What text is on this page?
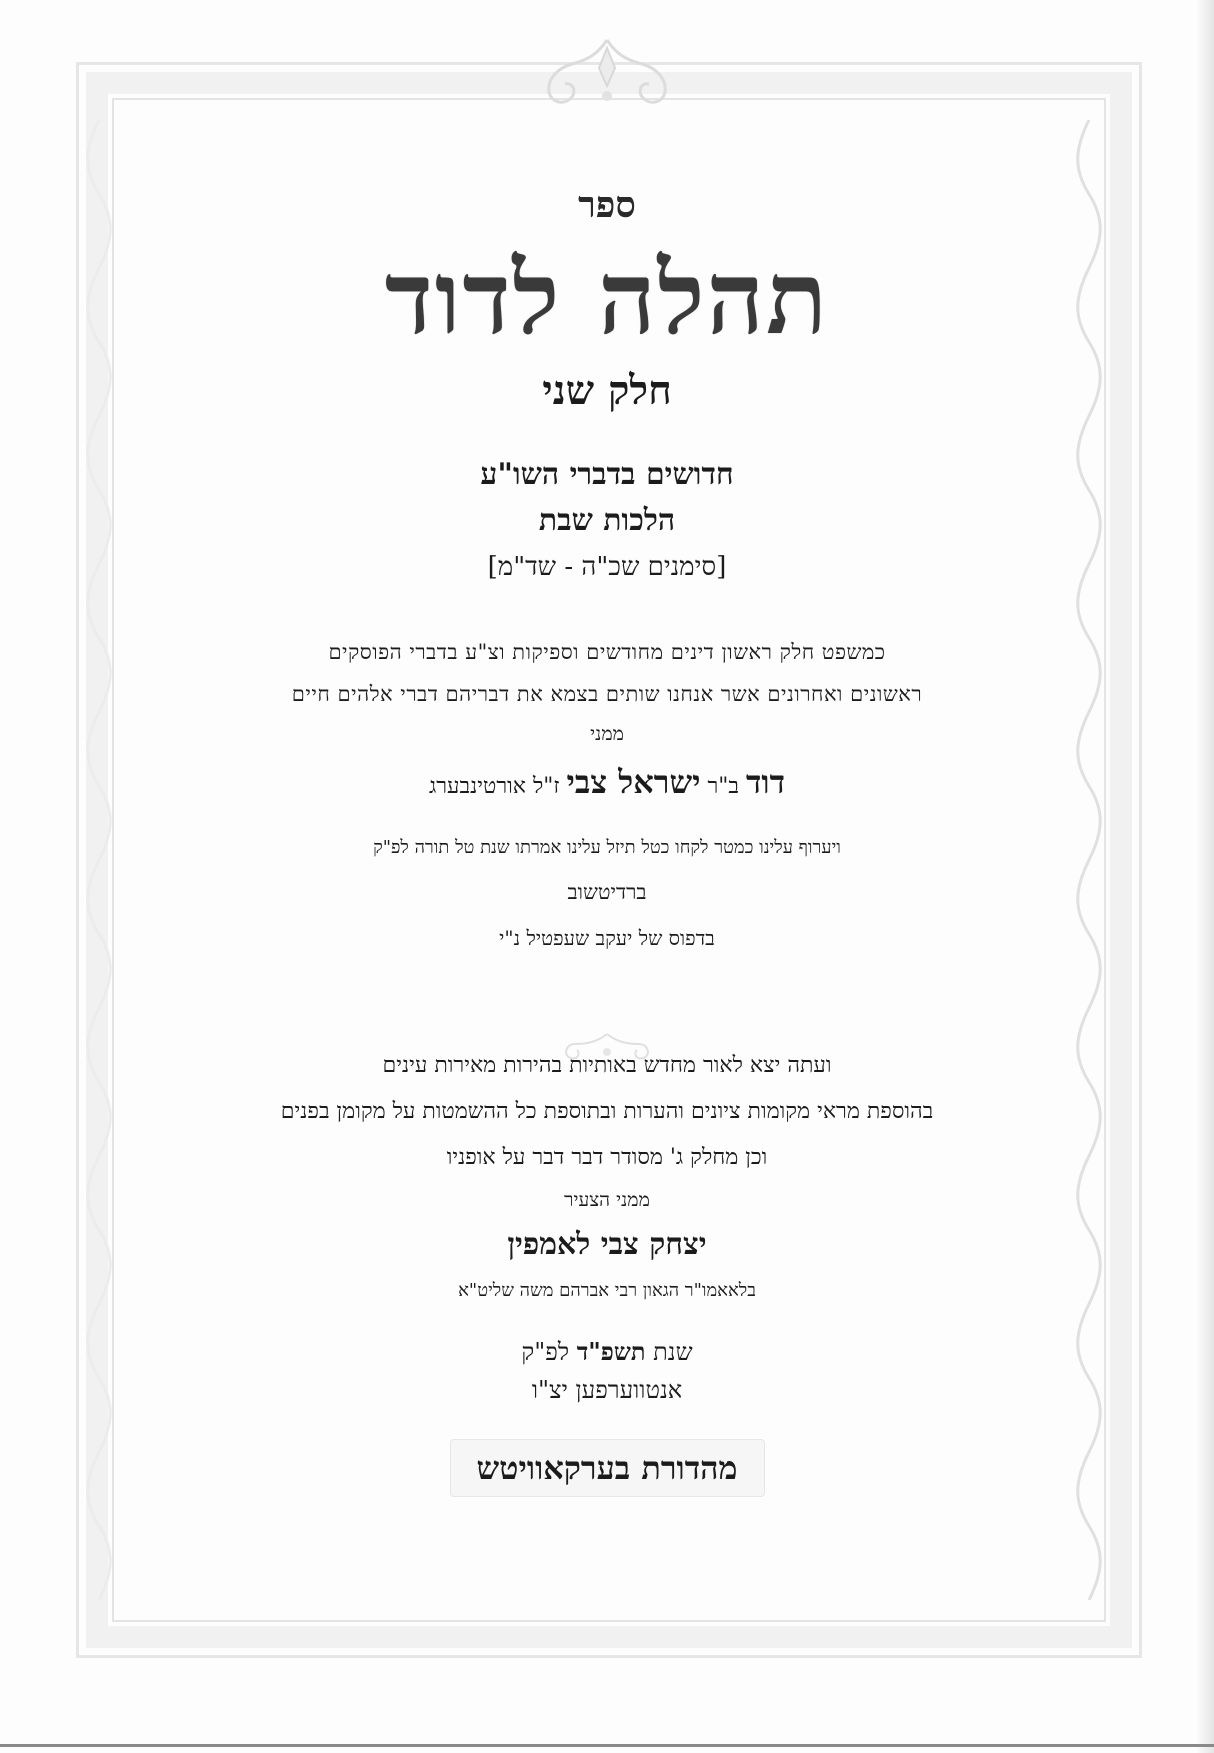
ספר
תהלה לדוד
חלק שני
חדושים בדברי השו"ע
הלכות שבת
[סימנים שכ"ה - שד"מ]
כמשפט חלק ראשון דינים מחודשים וספיקות וצ"ע בדברי הפוסקים
ראשונים ואחרונים אשר אנחנו שותים בצמא את דבריהם דברי אלהים חיים
ממני
דוד ב"ר ישראל צבי ז"ל אורטינבערג
ויערוף עלינו כמטר לקחו כטל תיזל עלינו אמרתו שנת טל תורה לפ"ק
ברדיטשוב
בדפוס של יעקב שעפטיל נ"י
ועתה יצא לאור מחדש באותיות בהירות מאירות עינים
בהוספת מראי מקומות ציונים והערות ובתוספת כל ההשמטות על מקומן בפנים
וכן מחלק ג' מסודר דבר דבר על אופניו
ממני הצעיר
יצחק צבי לאמפין
בלאאמו"ר הגאון רבי אברהם משה שליט"א
שנת תשפ"ד לפ"ק
אנטווערפען יצ"ו
מהדורת בערקאוויטש
